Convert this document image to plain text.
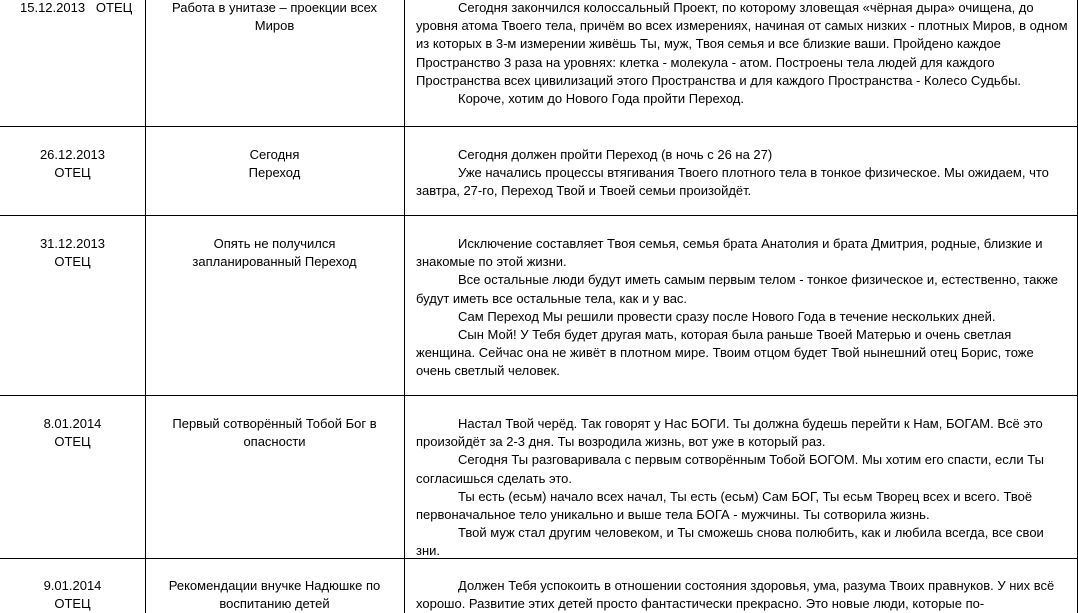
15.12.2013 ОТЕЦ	Работа в унитазе – проекции всех
Миров

Сегодня закончился колоссальный Проект, по которому зловещая «чёрная дыра» очищена, до уровня атома Твоего тела, причём во всех измерениях, начиная от самых низких - плотных Миров, в одном из которых в 3-м измерении живёшь Ты, муж, Твоя семья и все близкие ваши. Пройдено каждое Пространство 3 раза на уровнях: клетка - молекула - атом. Построены тела людей для каждого Пространства всех цивилизаций этого Пространства и для каждого Пространства - Колесо Судьбы.

Короче, хотим до Нового Года пройти Переход.

26.12.2013
ОТЕЦ
Сегодня
Переход

Сегодня должен пройти Переход (в ночь с 26 на 27)

Уже начались процессы втягивания Твоего плотного тела в тонкое физическое. Мы ожидаем, что завтра, 27-го, Переход Твой и Твоей семьи произойдёт.

31.12.2013
ОТЕЦ
Опять не получился
запланированный Переход

Исключение составляет Твоя семья, семья брата Анатолия и брата Дмитрия, родные, близкие и знакомые по этой жизни.

Все остальные люди будут иметь самым первым телом - тонкое физическое и, естественно, также будут иметь все остальные тела, как и у вас.

Сам Переход Мы решили провести сразу после Нового Года в течение нескольких дней.

Сын Мой! У Тебя будет другая мать, которая была раньше Твоей Матерью и очень светлая женщина. Сейчас она не живёт в плотном мире. Твоим отцом будет Твой нынешний отец Борис, тоже очень светлый человек.

8.01.2014
ОТЕЦ
Первый сотворённый Тобой Бог в
опасности

Настал Твой черёд. Так говорят у Нас БОГИ. Ты должна будешь перейти к Нам, БОГАМ. Всё это произойдёт за 2-3 дня. Ты возродила жизнь, вот уже в который раз.

Сегодня Ты разговаривала с первым сотворённым Тобой БОГОМ. Мы хотим его спасти, если Ты согласишься сделать это.

Ты есть (есьм) начало всех начал, Ты есть (есьм) Сам БОГ, Ты есьм Творец всех и всего. Твоё первоначальное тело уникально и выше тела БОГА - мужчины. Ты сотворила жизнь.

Твой муж стал другим человеком, и Ты сможешь снова полюбить, как и любила всегда, все свои зни.

9.01.2014
ОТЕЦ
Рекомендации внучке Надюшке по
воспитанию детей

Должен Тебя успокоить в отношении состояния здоровья, ума, разума Твоих правнуков. У них всё хорошо. Развитие этих детей просто фантастически прекрасно. Это новые люди, которые по-
